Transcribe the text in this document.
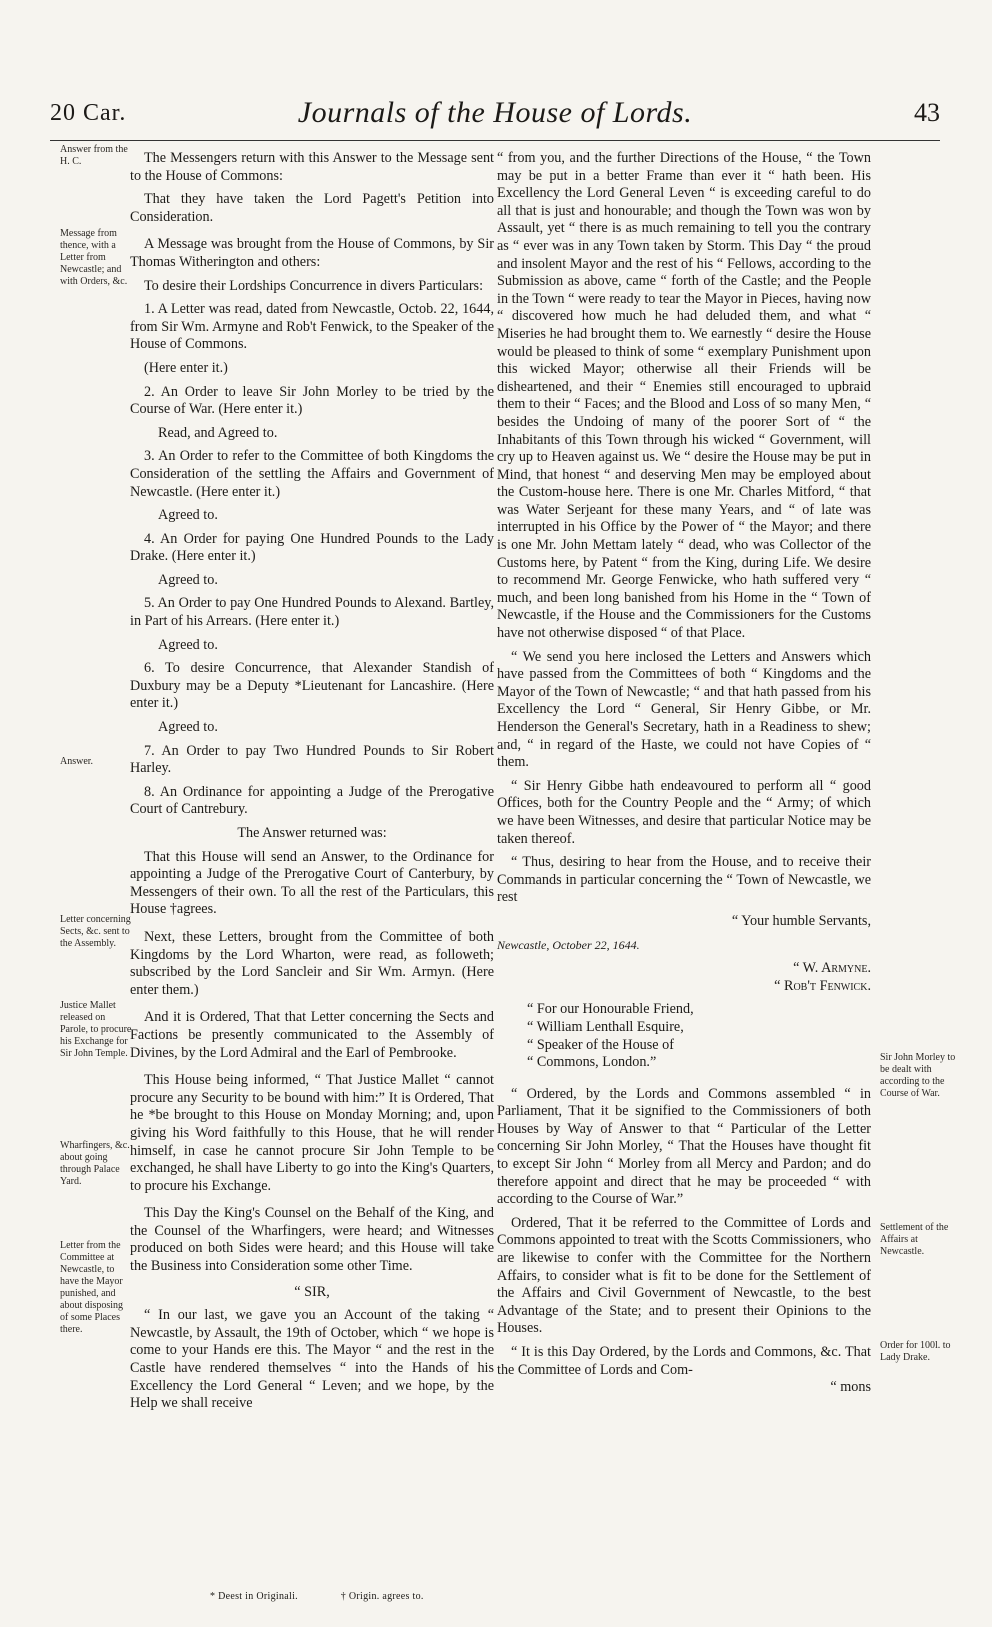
20 Car.	Journals of the House of Lords.	43
Answer from the H. C.
Message from thence, with a Letter from Newcastle; and with Orders, &c.
Answer.
Letter concerning Sects, &c. sent to the Assembly.
Justice Mallet released on Parole, to procure his Exchange for Sir John Temple.
Wharfingers, &c. about going through Palace Yard.
Letter from the Committee at Newcastle, to have the Mayor punished, and about disposing of some Places there.
Sir John Morley to be dealt with according to the Course of War.
Settlement of the Affairs at Newcastle.
Order for 100l. to Lady Drake.

The Messengers return with this Answer to the Message sent to the House of Commons:

That they have taken the Lord Pagett's Petition into Consideration.

A Message was brought from the House of Commons, by Sir Thomas Witherington and others:

To desire their Lordships Concurrence in divers Particulars:

1. A Letter was read, dated from Newcastle, Octob. 22, 1644, from Sir Wm. Armyne and Rob't Fenwick, to the Speaker of the House of Commons.

(Here enter it.)

2. An Order to leave Sir John Morley to be tried by the Course of War. (Here enter it.)

Read, and Agreed to.

3. An Order to refer to the Committee of both Kingdoms the Consideration of the settling the Affairs and Government of Newcastle. (Here enter it.)

Agreed to.

4. An Order for paying One Hundred Pounds to the Lady Drake. (Here enter it.)

Agreed to.

5. An Order to pay One Hundred Pounds to Alexand. Bartley, in Part of his Arrears. (Here enter it.)

Agreed to.

6. To desire Concurrence, that Alexander Standish of Duxbury may be a Deputy *Lieutenant for Lancashire. (Here enter it.)

Agreed to.

7. An Order to pay Two Hundred Pounds to Sir Robert Harley.

8. An Ordinance for appointing a Judge of the Prerogative Court of Cantrebury.

The Answer returned was:

That this House will send an Answer, to the Ordinance for appointing a Judge of the Prerogative Court of Canterbury, by Messengers of their own. To all the rest of the Particulars, this House †agrees.

Next, these Letters, brought from the Committee of both Kingdoms by the Lord Wharton, were read, as followeth; subscribed by the Lord Sancleir and Sir Wm. Armyn. (Here enter them.)

And it is Ordered, That that Letter concerning the Sects and Factions be presently communicated to the Assembly of Divines, by the Lord Admiral and the Earl of Pembrooke.

This House being informed, “ That Justice Mallet “ cannot procure any Security to be bound with him:” It is Ordered, That he *be brought to this House on Monday Morning; and, upon giving his Word faithfully to this House, that he will render himself, in case he cannot procure Sir John Temple to be exchanged, he shall have Liberty to go into the King's Quarters, to procure his Exchange.

This Day the King's Counsel on the Behalf of the King, and the Counsel of the Wharfingers, were heard; and Witnesses produced on both Sides were heard; and this House will take the Business into Consideration some other Time.

“ SIR,

“ In our last, we gave you an Account of the taking “ Newcastle, by Assault, the 19th of October, which “ we hope is come to your Hands ere this. The Mayor “ and the rest in the Castle have rendered themselves “ into the Hands of his Excellency the Lord General “ Leven; and we hope, by the Help we shall receive

“ from you, and the further Directions of the House, “ the Town may be put in a better Frame than ever it “ hath been. His Excellency the Lord General Leven “ is exceeding careful to do all that is just and honourable; and though the Town was won by Assault, yet “ there is as much remaining to tell you the contrary as “ ever was in any Town taken by Storm. This Day “ the proud and insolent Mayor and the rest of his “ Fellows, according to the Submission as above, came “ forth of the Castle; and the People in the Town “ were ready to tear the Mayor in Pieces, having now “ discovered how much he had deluded them, and what “ Miseries he had brought them to. We earnestly “ desire the House would be pleased to think of some “ exemplary Punishment upon this wicked Mayor; otherwise all their Friends will be disheartened, and their “ Enemies still encouraged to upbraid them to their “ Faces; and the Blood and Loss of so many Men, “ besides the Undoing of many of the poorer Sort of “ the Inhabitants of this Town through his wicked “ Government, will cry up to Heaven against us. We “ desire the House may be put in Mind, that honest “ and deserving Men may be employed about the Custom-house here. There is one Mr. Charles Mitford, “ that was Water Serjeant for these many Years, and “ of late was interrupted in his Office by the Power of “ the Mayor; and there is one Mr. John Mettam lately “ dead, who was Collector of the Customs here, by Patent “ from the King, during Life. We desire to recommend Mr. George Fenwicke, who hath suffered very “ much, and been long banished from his Home in the “ Town of Newcastle, if the House and the Commissioners for the Customs have not otherwise disposed “ of that Place.

“ We send you here inclosed the Letters and Answers which have passed from the Committees of both “ Kingdoms and the Mayor of the Town of Newcastle; “ and that hath passed from his Excellency the Lord “ General, Sir Henry Gibbe, or Mr. Henderson the General's Secretary, hath in a Readiness to shew; and, “ in regard of the Haste, we could not have Copies of “ them.

“ Sir Henry Gibbe hath endeavoured to perform all “ good Offices, both for the Country People and the “ Army; of which we have been Witnesses, and desire that particular Notice may be taken thereof.

“ Thus, desiring to hear from the House, and to receive their Commands in particular concerning the “ Town of Newcastle, we rest

“ Your humble Servants,

Newcastle, October 22, 1644.

“ W. Armyne.

“ Rob't Fenwick.

“ For our Honourable Friend,

“ William Lenthall Esquire,

“ Speaker of the House of

“ Commons, London.”

“ Ordered, by the Lords and Commons assembled “ in Parliament, That it be signified to the Commissioners of both Houses by Way of Answer to that “ Particular of the Letter concerning Sir John Morley, “ That the Houses have thought fit to except Sir John “ Morley from all Mercy and Pardon; and do therefore appoint and direct that he may be proceeded “ with according to the Course of War.”

Ordered, That it be referred to the Committee of Lords and Commons appointed to treat with the Scotts Commissioners, who are likewise to confer with the Committee for the Northern Affairs, to consider what is fit to be done for the Settlement of the Affairs and Civil Government of Newcastle, to the best Advantage of the State; and to present their Opinions to the Houses.

“ It is this Day Ordered, by the Lords and Commons, &c. That the Committee of Lords and Com-

“ mons

* Deest in Originali.	† Origin. agrees to.
